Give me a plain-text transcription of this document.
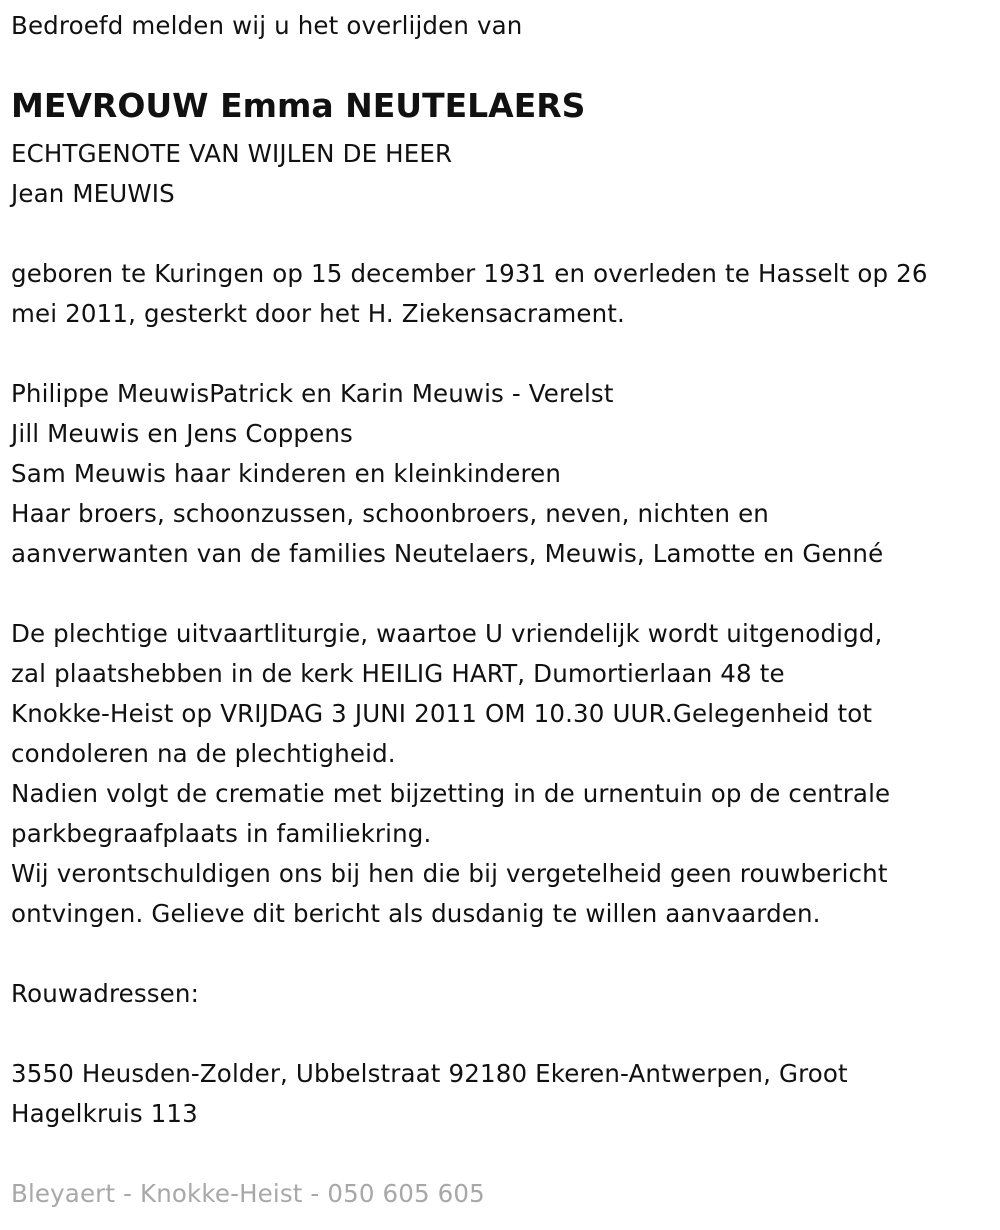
Bedroefd melden wij u het overlijden van
MEVROUW Emma NEUTELAERS
ECHTGENOTE VAN WIJLEN DE HEER
Jean MEUWIS
geboren te Kuringen op 15 december 1931 en overleden te Hasselt op 26
mei 2011, gesterkt door het H. Ziekensacrament.
Philippe MeuwisPatrick en Karin Meuwis - Verelst
Jill Meuwis en Jens Coppens
Sam Meuwis haar kinderen en kleinkinderen
Haar broers, schoonzussen, schoonbroers, neven, nichten en
aanverwanten van de families Neutelaers, Meuwis, Lamotte en Genné
De plechtige uitvaartliturgie, waartoe U vriendelijk wordt uitgenodigd,
zal plaatshebben in de kerk HEILIG HART, Dumortierlaan 48 te
Knokke-Heist op VRIJDAG 3 JUNI 2011 OM 10.30 UUR.Gelegenheid tot
condoleren na de plechtigheid.
Nadien volgt de crematie met bijzetting in de urnentuin op de centrale
parkbegraafplaats in familiekring.
Wij verontschuldigen ons bij hen die bij vergetelheid geen rouwbericht
ontvingen. Gelieve dit bericht als dusdanig te willen aanvaarden.
Rouwadressen:
3550 Heusden-Zolder, Ubbelstraat 92180 Ekeren-Antwerpen, Groot
Hagelkruis 113
Bleyaert - Knokke-Heist - 050 605 605
